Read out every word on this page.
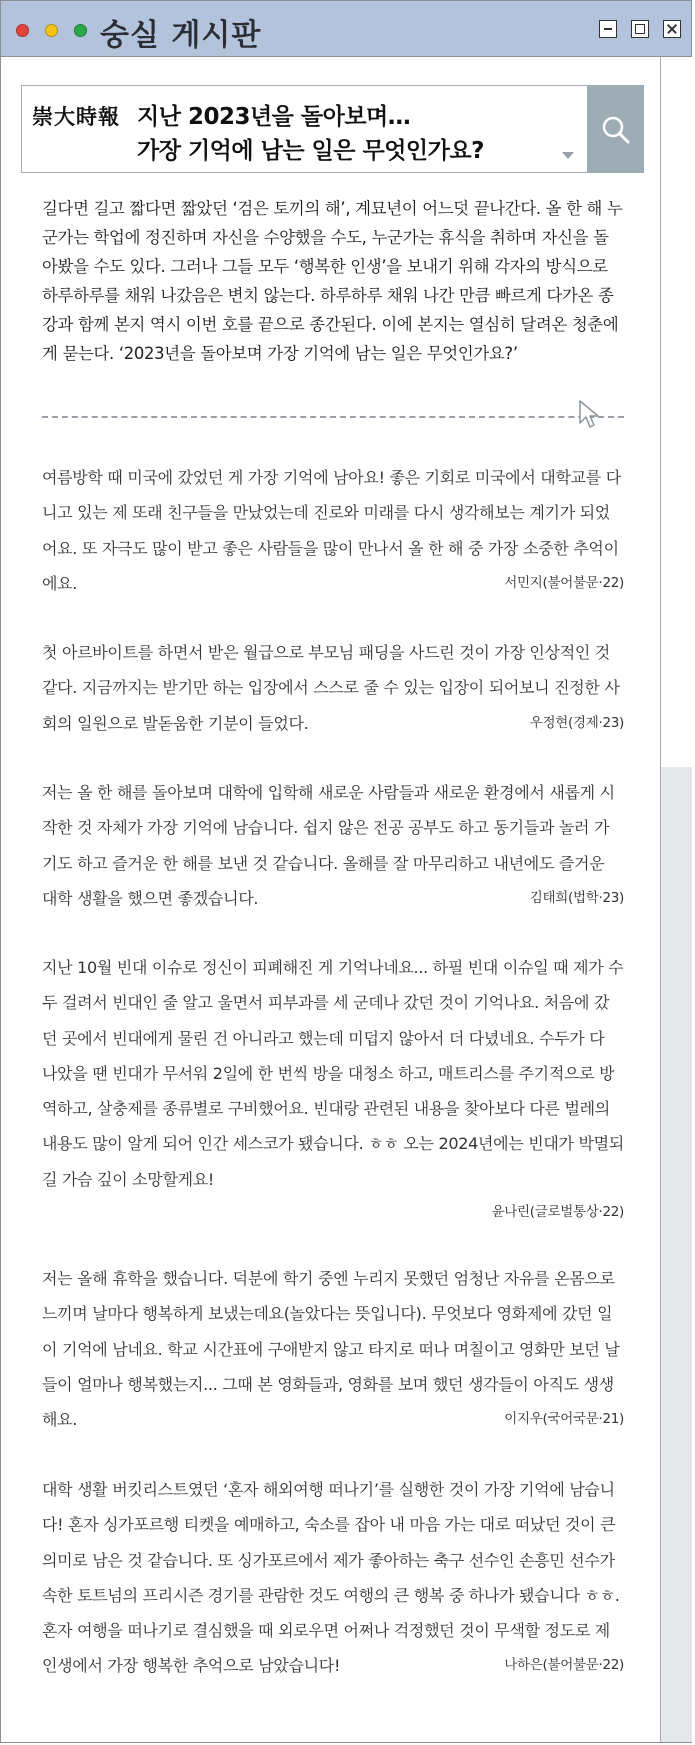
숭실 게시판
崇大時報 지난 2023년을 돌아보며…
가장 기억에 남는 일은 무엇인가요?
길다면 길고 짧다면 짧았던 ‘검은 토끼의 해’, 계묘년이 어느덧 끝나간다. 올 한 해 누군가는 학업에 정진하며 자신을 수양했을 수도, 누군가는 휴식을 취하며 자신을 돌아봤을 수도 있다. 그러나 그들 모두 ‘행복한 인생’을 보내기 위해 각자의 방식으로 하루하루를 채워 나갔음은 변치 않는다. 하루하루 채워 나간 만큼 빠르게 다가온 종강과 함께 본지 역시 이번 호를 끝으로 종간된다. 이에 본지는 열심히 달려온 청춘에게 묻는다. ‘2023년을 돌아보며 가장 기억에 남는 일은 무엇인가요?’
여름방학 때 미국에 갔었던 게 가장 기억에 남아요! 좋은 기회로 미국에서 대학교를 다니고 있는 제 또래 친구들을 만났었는데 진로와 미래를 다시 생각해보는 계기가 되었어요. 또 자극도 많이 받고 좋은 사람들을 많이 만나서 올 한 해 중 가장 소중한 추억이에요.	서민지(불어불문·22)
첫 아르바이트를 하면서 받은 월급으로 부모님 패딩을 사드린 것이 가장 인상적인 것 같다. 지금까지는 받기만 하는 입장에서 스스로 줄 수 있는 입장이 되어보니 진정한 사회의 일원으로 발돋움한 기분이 들었다.	우정현(경제·23)
저는 올 한 해를 돌아보며 대학에 입학해 새로운 사람들과 새로운 환경에서 새롭게 시작한 것 자체가 가장 기억에 남습니다. 쉽지 않은 전공 공부도 하고 동기들과 놀러 가기도 하고 즐거운 한 해를 보낸 것 같습니다. 올해를 잘 마무리하고 내년에도 즐거운 대학 생활을 했으면 좋겠습니다.	김태희(법학·23)
지난 10월 빈대 이슈로 정신이 피폐해진 게 기억나네요... 하필 빈대 이슈일 때 제가 수두 걸려서 빈대인 줄 알고 울면서 피부과를 세 군데나 갔던 것이 기억나요. 처음에 갔던 곳에서 빈대에게 물린 건 아니라고 했는데 미덥지 않아서 더 다녔네요. 수두가 다 나았을 땐 빈대가 무서워 2일에 한 번씩 방을 대청소 하고, 매트리스를 주기적으로 방역하고, 살충제를 종류별로 구비했어요. 빈대랑 관련된 내용을 찾아보다 다른 벌레의 내용도 많이 알게 되어 인간 세스코가 됐습니다. ㅎㅎ 오는 2024년에는 빈대가 박멸되길 가슴 깊이 소망할게요!
윤나린(글로벌통상·22)
저는 올해 휴학을 했습니다. 덕분에 학기 중엔 누리지 못했던 엄청난 자유를 온몸으로 느끼며 날마다 행복하게 보냈는데요(놀았다는 뜻입니다). 무엇보다 영화제에 갔던 일이 기억에 남네요. 학교 시간표에 구애받지 않고 타지로 떠나 며칠이고 영화만 보던 날들이 얼마나 행복했는지... 그때 본 영화들과, 영화를 보며 했던 생각들이 아직도 생생해요.	이지우(국어국문·21)
대학 생활 버킷리스트였던 ‘혼자 해외여행 떠나기’를 실행한 것이 가장 기억에 남습니다! 혼자 싱가포르행 티켓을 예매하고, 숙소를 잡아 내 마음 가는 대로 떠났던 것이 큰 의미로 남은 것 같습니다. 또 싱가포르에서 제가 좋아하는 축구 선수인 손흥민 선수가 속한 토트넘의 프리시즌 경기를 관람한 것도 여행의 큰 행복 중 하나가 됐습니다 ㅎㅎ. 혼자 여행을 떠나기로 결심했을 때 외로우면 어쩌나 걱정했던 것이 무색할 정도로 제 인생에서 가장 행복한 추억으로 남았습니다!	나하은(불어불문·22)
